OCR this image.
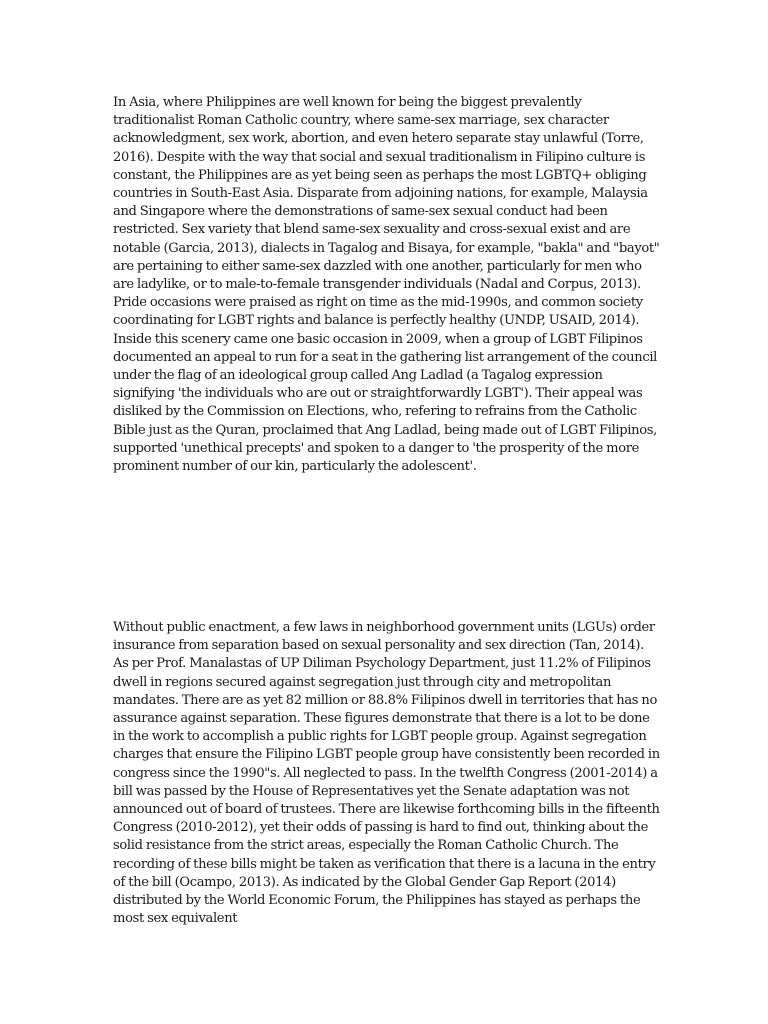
In Asia, where Philippines are well known for being the biggest prevalently traditionalist Roman Catholic country, where same-sex marriage, sex character acknowledgment, sex work, abortion, and even hetero separate stay unlawful (Torre, 2016). Despite with the way that social and sexual traditionalism in Filipino culture is constant, the Philippines are as yet being seen as perhaps the most LGBTQ+ obliging countries in South-East Asia. Disparate from adjoining nations, for example, Malaysia and Singapore where the demonstrations of same-sex sexual conduct had been restricted. Sex variety that blend same-sex sexuality and cross-sexual exist and are notable (Garcia, 2013), dialects in Tagalog and Bisaya, for example, "bakla" and "bayot" are pertaining to either same-sex dazzled with one another, particularly for men who are ladylike, or to male-to-female transgender individuals (Nadal and Corpus, 2013). Pride occasions were praised as right on time as the mid-1990s, and common society coordinating for LGBT rights and balance is perfectly healthy (UNDP, USAID, 2014). Inside this scenery came one basic occasion in 2009, when a group of LGBT Filipinos documented an appeal to run for a seat in the gathering list arrangement of the council under the flag of an ideological group called Ang Ladlad (a Tagalog expression signifying 'the individuals who are out or straightforwardly LGBT'). Their appeal was disliked by the Commission on Elections, who, refering to refrains from the Catholic Bible just as the Quran, proclaimed that Ang Ladlad, being made out of LGBT Filipinos, supported 'unethical precepts' and spoken to a danger to 'the prosperity of the more prominent number of our kin, particularly the adolescent'.

Without public enactment, a few laws in neighborhood government units (LGUs) order insurance from separation based on sexual personality and sex direction (Tan, 2014). As per Prof. Manalastas of UP Diliman Psychology Department, just 11.2% of Filipinos dwell in regions secured against segregation just through city and metropolitan mandates. There are as yet 82 million or 88.8% Filipinos dwell in territories that has no assurance against separation. These figures demonstrate that there is a lot to be done in the work to accomplish a public rights for LGBT people group. Against segregation charges that ensure the Filipino LGBT people group have consistently been recorded in congress since the 1990"s. All neglected to pass. In the twelfth Congress (2001-2014) a bill was passed by the House of Representatives yet the Senate adaptation was not announced out of board of trustees. There are likewise forthcoming bills in the fifteenth Congress (2010-2012), yet their odds of passing is hard to find out, thinking about the solid resistance from the strict areas, especially the Roman Catholic Church. The recording of these bills might be taken as verification that there is a lacuna in the entry of the bill (Ocampo, 2013). As indicated by the Global Gender Gap Report (2014) distributed by the World Economic Forum, the Philippines has stayed as perhaps the most sex equivalent
